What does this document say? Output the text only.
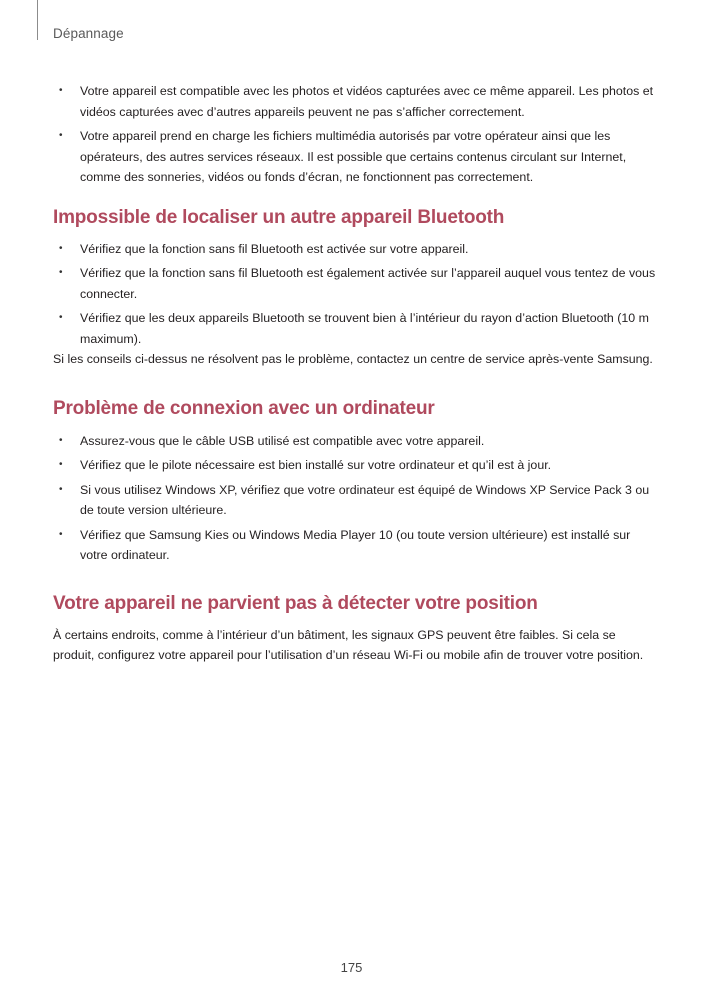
Dépannage
• Votre appareil est compatible avec les photos et vidéos capturées avec ce même appareil. Les photos et vidéos capturées avec d’autres appareils peuvent ne pas s’afficher correctement.
• Votre appareil prend en charge les fichiers multimédia autorisés par votre opérateur ainsi que les opérateurs, des autres services réseaux. Il est possible que certains contenus circulant sur Internet, comme des sonneries, vidéos ou fonds d’écran, ne fonctionnent pas correctement.
Impossible de localiser un autre appareil Bluetooth
• Vérifiez que la fonction sans fil Bluetooth est activée sur votre appareil.
• Vérifiez que la fonction sans fil Bluetooth est également activée sur l’appareil auquel vous tentez de vous connecter.
• Vérifiez que les deux appareils Bluetooth se trouvent bien à l’intérieur du rayon d’action Bluetooth (10 m maximum).

Si les conseils ci-dessus ne résolvent pas le problème, contactez un centre de service après-vente Samsung.

Problème de connexion avec un ordinateur
• Assurez-vous que le câble USB utilisé est compatible avec votre appareil.
• Vérifiez que le pilote nécessaire est bien installé sur votre ordinateur et qu’il est à jour.
• Si vous utilisez Windows XP, vérifiez que votre ordinateur est équipé de Windows XP Service Pack 3 ou de toute version ultérieure.
• Vérifiez que Samsung Kies ou Windows Media Player 10 (ou toute version ultérieure) est installé sur votre ordinateur.
Votre appareil ne parvient pas à détecter votre position

À certains endroits, comme à l’intérieur d’un bâtiment, les signaux GPS peuvent être faibles. Si cela se produit, configurez votre appareil pour l’utilisation d’un réseau Wi-Fi ou mobile afin de trouver votre position.

175
